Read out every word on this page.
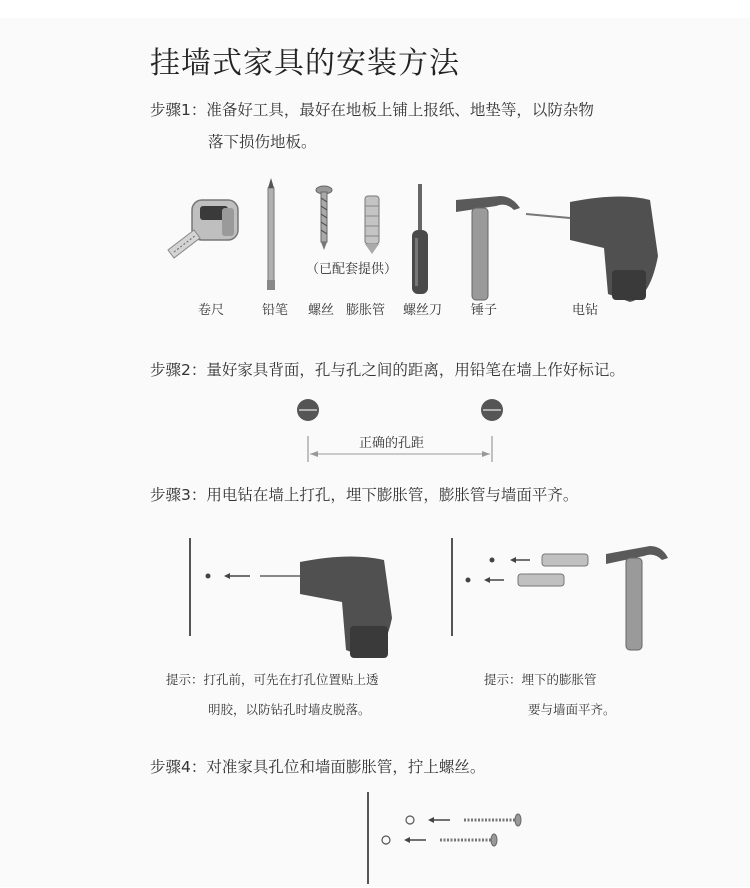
挂墙式家具的安装方法
步骤1：准备好工具，最好在地板上铺上报纸、地垫等，以防杂物
落下损伤地板。
（已配套提供）
卷尺	铅笔 螺丝 膨胀管 螺丝刀 锤子	电钻
步骤2：量好家具背面，孔与孔之间的距离，用铅笔在墙上作好标记。
正确的孔距
步骤3：用电钻在墙上打孔，埋下膨胀管，膨胀管与墙面平齐。
提示：打孔前，可先在打孔位置贴上透
明胶，以防钻孔时墙皮脱落。
提示：埋下的膨胀管
要与墙面平齐。
步骤4：对准家具孔位和墙面膨胀管，拧上螺丝。
